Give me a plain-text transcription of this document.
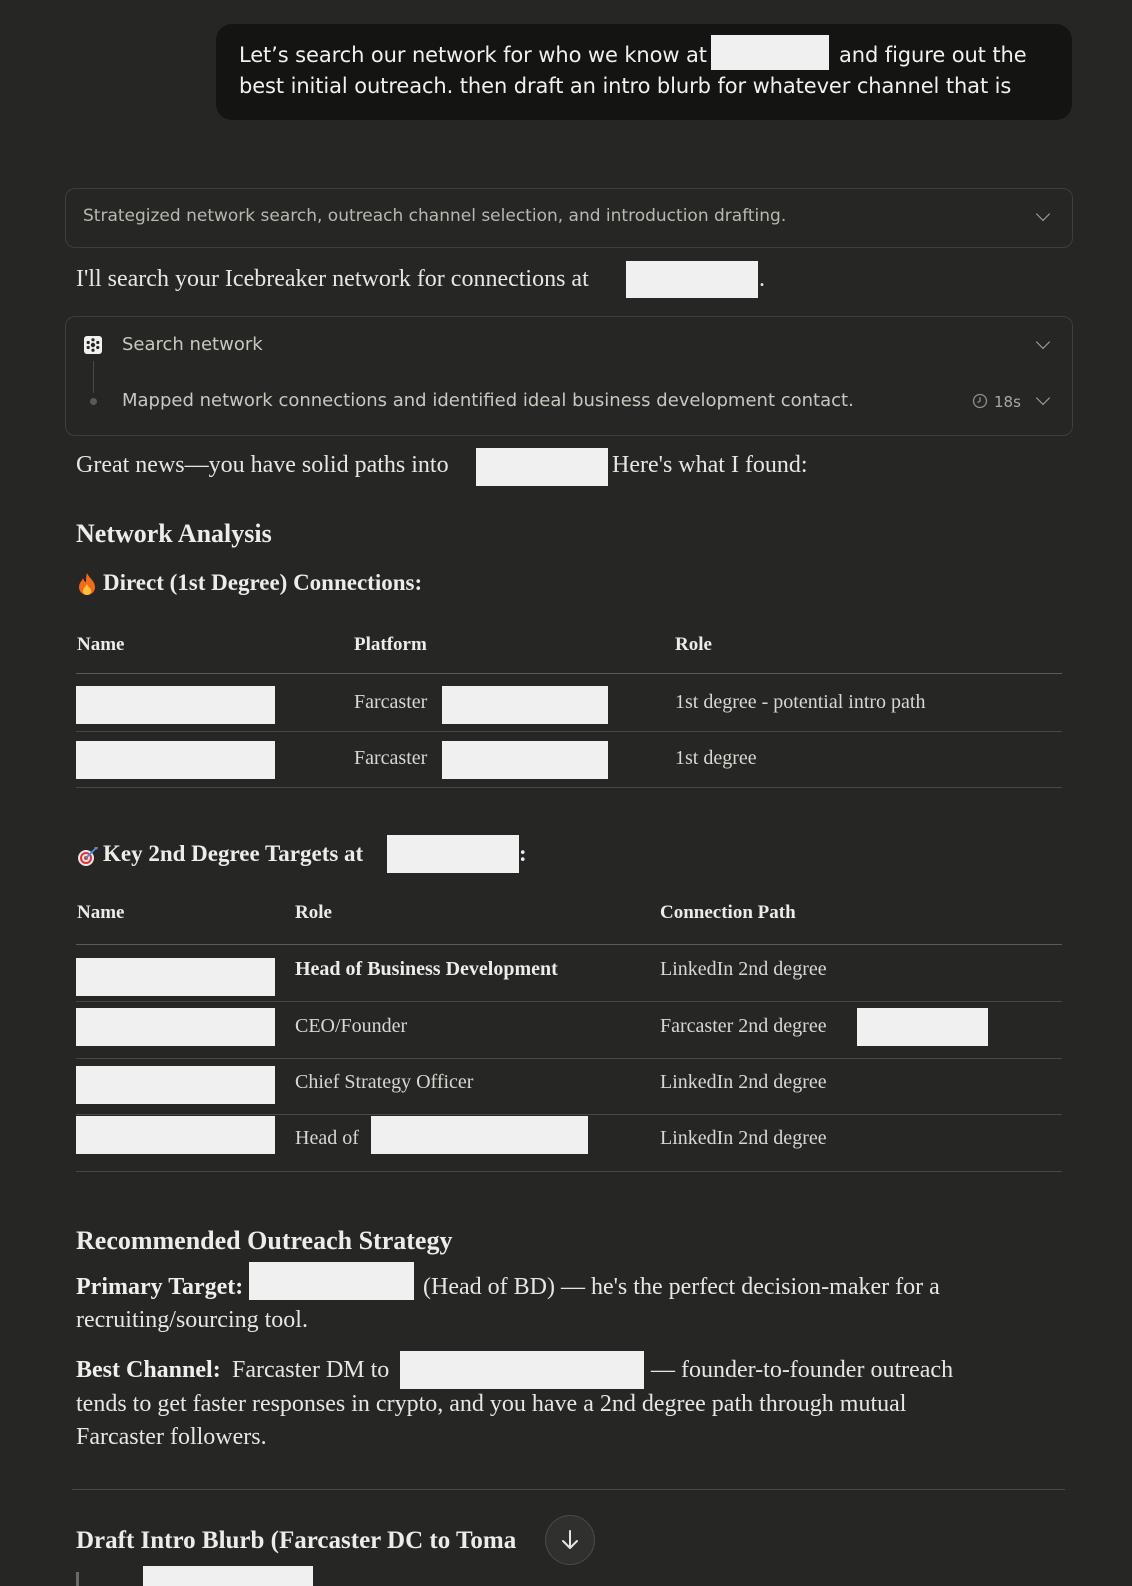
Let’s search our network for who we know at	and figure out the
best initial outreach. then draft an intro blurb for whatever channel that is
Strategized network search, outreach channel selection, and introduction drafting.
I'll search your Icebreaker network for connections at	.
Search network
Mapped network connections and identified ideal business development contact.	18s
Great news—you have solid paths into	Here's what I found:
Network Analysis
Direct (1st Degree) Connections:
Name	Platform	Role
Farcaster	1st degree - potential intro path
Farcaster	1st degree
Key 2nd Degree Targets at	:
Name	Role	Connection Path
Head of Business Development	LinkedIn 2nd degree
CEO/Founder	Farcaster 2nd degree
Chief Strategy Officer	LinkedIn 2nd degree
Head of	LinkedIn 2nd degree
Recommended Outreach Strategy
Primary Target:	(Head of BD) — he's the perfect decision-maker for a
recruiting/sourcing tool.
Best Channel: Farcaster DM to	— founder-to-founder outreach
tends to get faster responses in crypto, and you have a 2nd degree path through mutual
Farcaster followers.
Draft Intro Blurb (Farcaster DC to Toma
